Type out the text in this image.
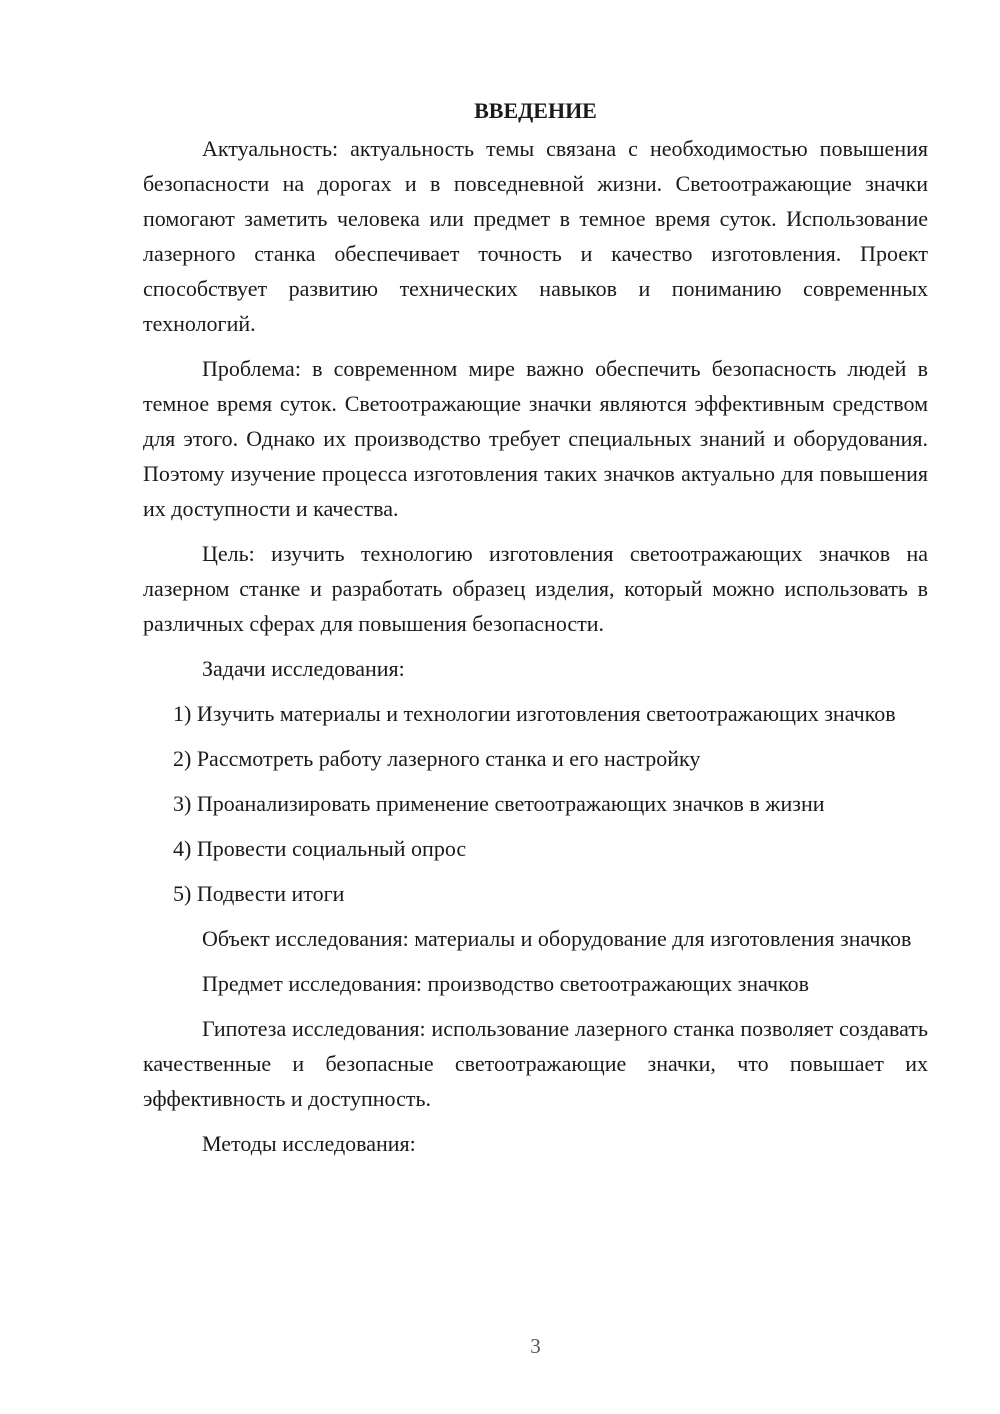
ВВЕДЕНИЕ

Актуальность: актуальность темы связана с необходимостью повышения безопасности на дорогах и в повседневной жизни. Светоотражающие значки помогают заметить человека или предмет в темное время суток. Использование лазерного станка обеспечивает точность и качество изготовления. Проект способствует развитию технических навыков и пониманию современных технологий.

Проблема: в современном мире важно обеспечить безопасность людей в темное время суток. Светоотражающие значки являются эффективным средством для этого. Однако их производство требует специальных знаний и оборудования. Поэтому изучение процесса изготовления таких значков актуально для повышения их доступности и качества.

Цель: изучить технологию изготовления светоотражающих значков на лазерном станке и разработать образец изделия, который можно использовать в различных сферах для повышения безопасности.

Задачи исследования:

1) Изучить материалы и технологии изготовления светоотражающих значков

2) Рассмотреть работу лазерного станка и его настройку

3) Проанализировать применение светоотражающих значков в жизни

4) Провести социальный опрос

5) Подвести итоги

Объект исследования: материалы и оборудование для изготовления значков

Предмет исследования: производство светоотражающих значков

Гипотеза исследования: использование лазерного станка позволяет создавать качественные и безопасные светоотражающие значки, что повышает их эффективность и доступность.

Методы исследования:

3
